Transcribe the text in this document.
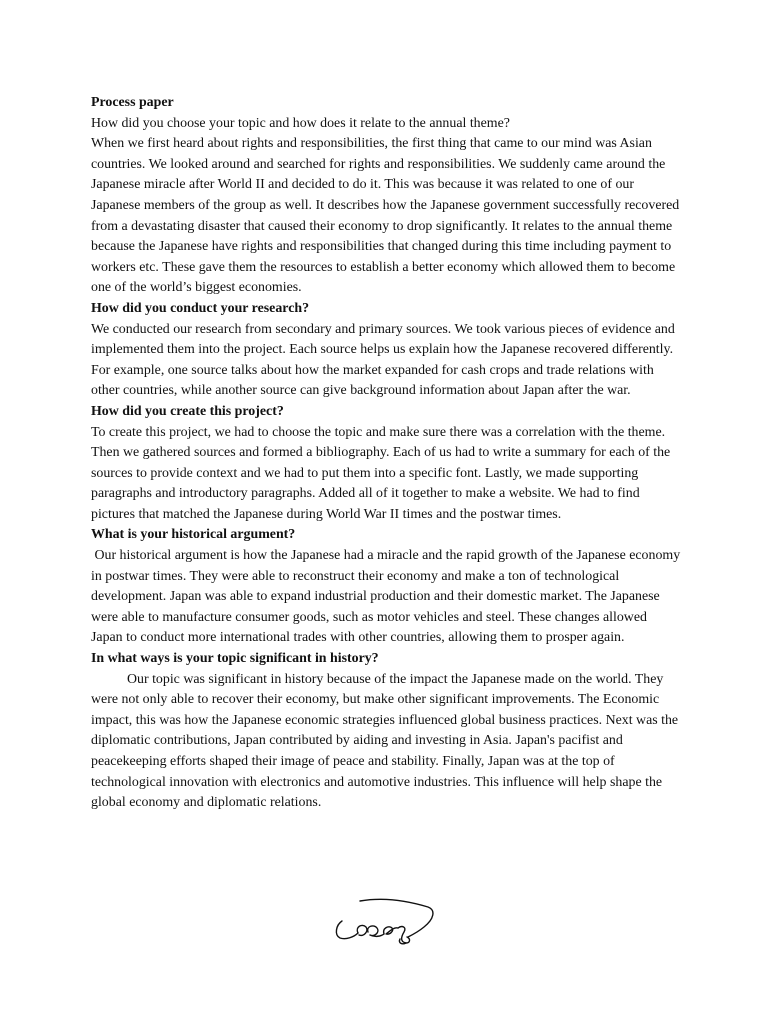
Process paper

How did you choose your topic and how does it relate to the annual theme?

When we first heard about rights and responsibilities, the first thing that came to our mind was Asian countries. We looked around and searched for rights and responsibilities. We suddenly came around the Japanese miracle after World II and decided to do it. This was because it was related to one of our Japanese members of the group as well. It describes how the Japanese government successfully recovered from a devastating disaster that caused their economy to drop significantly. It relates to the annual theme because the Japanese have rights and responsibilities that changed during this time including payment to workers etc. These gave them the resources to establish a better economy which allowed them to become one of the world’s biggest economies.

How did you conduct your research?

We conducted our research from secondary and primary sources. We took various pieces of evidence and implemented them into the project. Each source helps us explain how the Japanese recovered differently. For example, one source talks about how the market expanded for cash crops and trade relations with other countries, while another source can give background information about Japan after the war.

How did you create this project?

To create this project, we had to choose the topic and make sure there was a correlation with the theme. Then we gathered sources and formed a bibliography. Each of us had to write a summary for each of the sources to provide context and we had to put them into a specific font. Lastly, we made supporting paragraphs and introductory paragraphs. Added all of it together to make a website. We had to find pictures that matched the Japanese during World War II times and the postwar times.

What is your historical argument?

Our historical argument is how the Japanese had a miracle and the rapid growth of the Japanese economy in postwar times. They were able to reconstruct their economy and make a ton of technological development. Japan was able to expand industrial production and their domestic market. The Japanese were able to manufacture consumer goods, such as motor vehicles and steel. These changes allowed Japan to conduct more international trades with other countries, allowing them to prosper again.

In what ways is your topic significant in history?

Our topic was significant in history because of the impact the Japanese made on the world. They were not only able to recover their economy, but make other significant improvements. The Economic impact, this was how the Japanese economic strategies influenced global business practices. Next was the diplomatic contributions, Japan contributed by aiding and investing in Asia. Japan's pacifist and peacekeeping efforts shaped their image of peace and stability. Finally, Japan was at the top of technological innovation with electronics and automotive industries. This influence will help shape the global economy and diplomatic relations.
